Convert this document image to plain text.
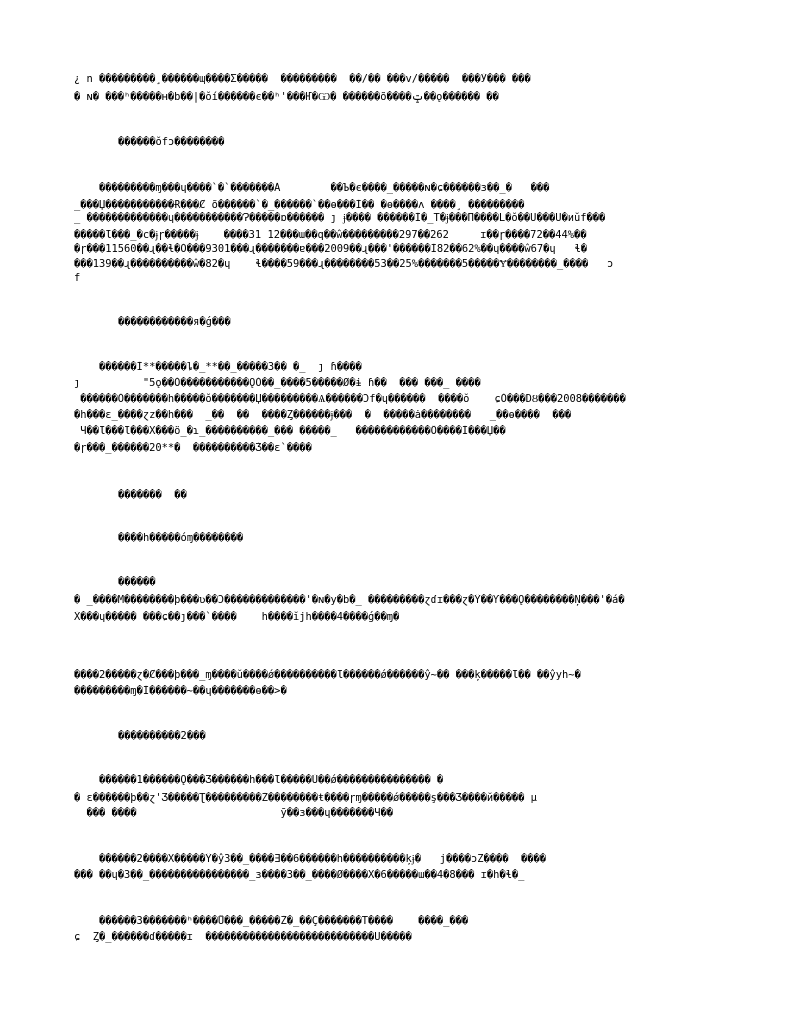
¿ n ���������¸������ɰ����Σ�����  ���������  ��/�� ���v/�����  ���Ў��� ���
� ɴ� ���ʰ�����ʜ�b��|�ŏí������є��ʰ'���Ҥ�Ѡ� ������õ����ݓ��ǫ������ ��
������ŏfɔ��������
���������ɱ���ɥ����`�`�������Ȧ        ��Ъ�є����_�����ɴ�ɕ������ɜ��_�   ���
_���Џ�����������Ɍ���Ȼ ȭ������`�_������`��ɵ���Ĭ�� �ɵ����ʌ ����¸ ���������
_ �������������ɥ�����������Ɂ�����ɒ������ ȷ ɉ���� ������Ĭ�_T�ɉ���П����L�ŏ��U���U�иŭf���
�����Ɩ���_�c�ɉɼ�����ɉ    ����31 12���ɯ��q��ŵ���������297��262     ɪ��ɼ����72��44%��
�ɼ���11560��ɻ��ɬ�Ȯ���9301���ɻ�������ɐ���2009��ɻ���'������Ĭ82��62%��ɥ����ŵ67�ɥ   ɬ�
���139��ɻ����������ŵ�82�ɥ    ɬ����59���ɻ��������53��25%�������5�����Ɏ��������_����   ɔ
f
������������я�ǵ���
������Ĭ**�����ȴ�_**��_�����3�� �_  ȷ ɦ����
ȷ          "5ǫ��Ǒ�����������ǪǑ��_����5�����Ø�ɨ ɦ��  ��� ���_ ����
������Ǒ�������h�����ŏ�������Џ���������Ѧ������Ɔf�ɥ������  ����ŏ    ɕǑ���DȢ���2008�������
�h���ɛ_����ɀz��h���  _��  ��  ����Ȥ������ɉ���  �  �����ȧ��������   _��ɵ����  ���
Ч��Ɩ���Ɩ���X���ȫ_�ɿ_����������_��� �����_   ������������Ö����Ĭ���Џ��
�ɼ���_������20**�  ����������Ǯ��ɛ`����
�������  ��
����h�����óɱ��������
������
� _����M��������ϸ���ʋ��Ɔ�������������'�ɴ�y�b�_ ���������ɀɗɪ���ɀ�Ÿ��Ƴ���Ǭ��������Ņ���'�á�
Ẋ���ɥ����� ���ɕ��ȷ���`����    h����ĭjh����4����ǵ��ɱ�
����2�����ɀ�Ȼ���ϸ���_ɱ����ŭ����ǿ����������Ɩ������ǿ������ŷ~�� ���ķ�����Ɩ�� ��ŷyh~�
���������ɱ�Ĭ������~��ɥ�������ɵ��>�
����������2���
������1������Ǫ���Ʒ������h���Ɩ�����Ŭ��ǿ��������������� �
� ɛ������ϸ��ɀ'Ʒ�����Ʈ���������Ż��������ŧ����ɼɱ�����ǿ�����ş���Ʒ����й����� µ
��� ����                       ȳ��ɜ���ɥ�������Ч��
������2����X�����Ÿ�ŷ3��_����Ǝ��6������h����������ķɉ�   j����ɔZ����  ����
��� ��ɥ�3��_����������������_ɜ����3��_����Ø����X�6�����ɯ��4�8��� ɪ�h�ɬ�_
������3�������ʰ����Ů���_�����Ż�_��Ç�������T����    ����_���
ɕ  Ȥ�_������ɗ�����ɪ  ���������������������������U�����
